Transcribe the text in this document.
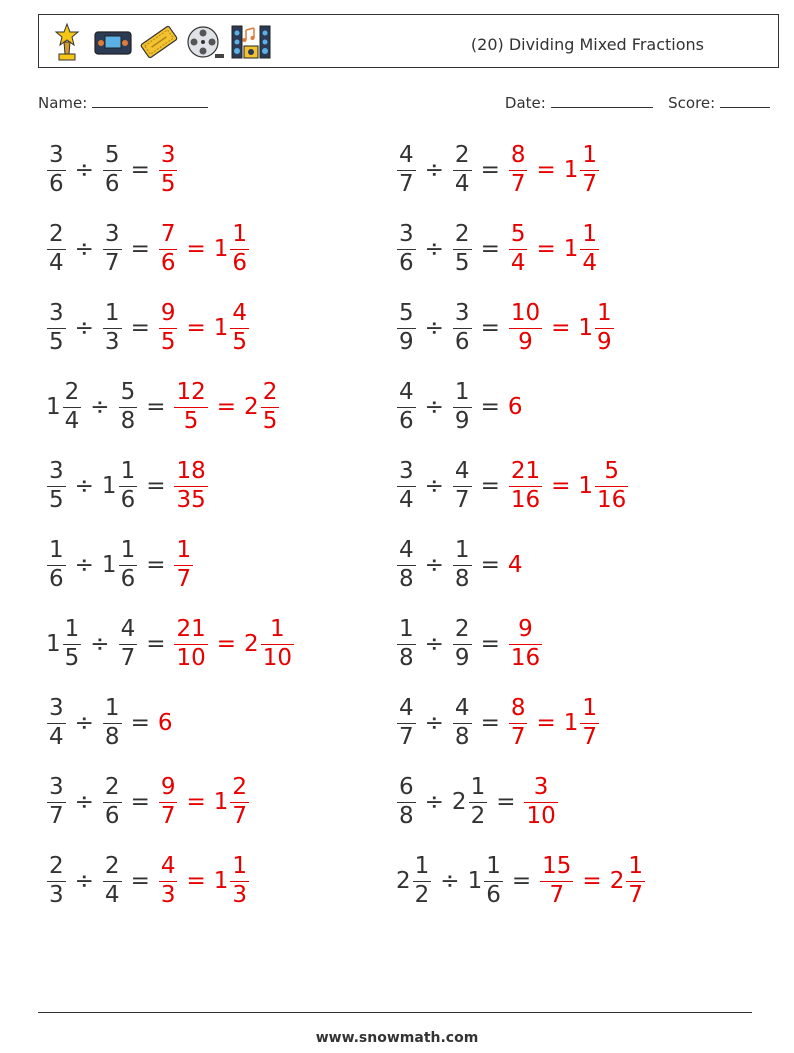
(20) Dividing Mixed Fractions
Name:	Date:	Score:
$\frac{3}{6} \div \frac{5}{6} = \frac{3}{5}$	$\frac{4}{7} \div \frac{2}{4} = \frac{8}{7} = 1 \frac{1}{7}$
$\frac{2}{4} \div \frac{3}{7} = \frac{7}{6} = 1 \frac{1}{6}$	$\frac{3}{6} \div \frac{2}{5} = \frac{5}{4} = 1 \frac{1}{4}$
$\frac{3}{5} \div \frac{1}{3} = \frac{9}{5} = 1 \frac{4}{5}$	$\frac{5}{9} \div \frac{3}{6} = \frac{10}{9} = 1 \frac{1}{9}$
$1 \frac{2}{4} \div \frac{5}{8} = \frac{12}{5} = 2 \frac{2}{5}$	$\frac{4}{6} \div \frac{1}{9} = 6$
$\frac{3}{5} \div 1 \frac{1}{6} = \frac{18}{35}$	$\frac{3}{4} \div \frac{4}{7} = \frac{21}{16} = 1 \frac{5}{16}$
$\frac{1}{6} \div 1 \frac{1}{6} = \frac{1}{7}$	$\frac{4}{8} \div \frac{1}{8} = 4$
$1 \frac{1}{5} \div \frac{4}{7} = \frac{21}{10} = 2 \frac{1}{10}$	$\frac{1}{8} \div \frac{2}{9} = \frac{9}{16}$
$\frac{3}{4} \div \frac{1}{8} = 6$	$\frac{4}{7} \div \frac{4}{8} = \frac{8}{7} = 1 \frac{1}{7}$
$\frac{3}{7} \div \frac{2}{6} = \frac{9}{7} = 1 \frac{2}{7}$	$\frac{6}{8} \div 2 \frac{1}{2} = \frac{3}{10}$
$\frac{2}{3} \div \frac{2}{4} = \frac{4}{3} = 1 \frac{1}{3}$	$2 \frac{1}{2} \div 1 \frac{1}{6} = \frac{15}{7} = 2 \frac{1}{7}$
www.snowmath.com
